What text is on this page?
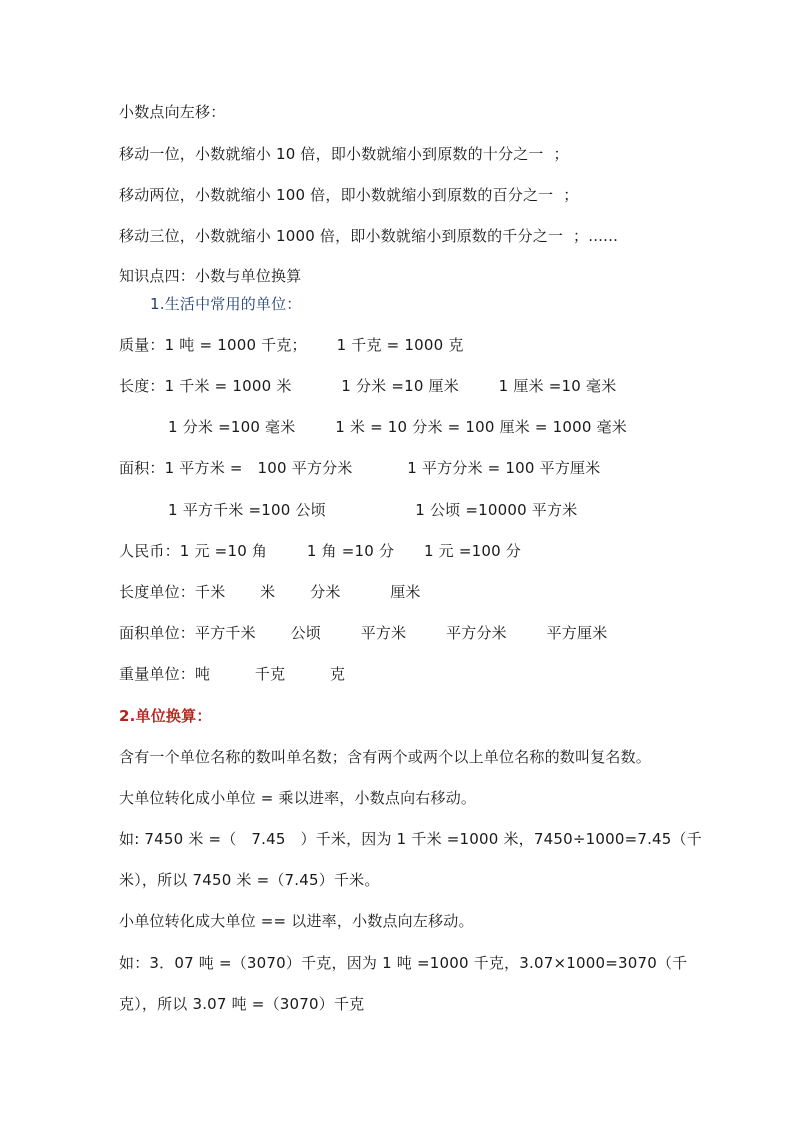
小数点向左移：
移动一位，小数就缩小 10 倍，即小数就缩小到原数的十分之一  ；
移动两位，小数就缩小 100 倍，即小数就缩小到原数的百分之一  ；
移动三位，小数就缩小 1000 倍，即小数就缩小到原数的千分之一  ；......
知识点四：小数与单位换算
1.生活中常用的单位：
质量：1 吨 = 1000 千克；      1 千克 = 1000 克
长度：1 千米 = 1000 米          1 分米 =10 厘米        1 厘米 =10 毫米
1 分米 =100 毫米        1 米 = 10 分米 = 100 厘米 = 1000 毫米
面积：1 平方米 =   100 平方分米           1 平方分米 = 100 平方厘米
1 平方千米 =100 公顷                  1 公顷 =10000 平方米
人民币：1 元 =10 角        1 角 =10 分      1 元 =100 分
长度单位：千米       米       分米          厘米
面积单位：平方千米       公顷        平方米        平方分米        平方厘米
重量单位：吨         千克         克
2.单位换算：
含有一个单位名称的数叫单名数；含有两个或两个以上单位名称的数叫复名数。
大单位转化成小单位 = 乘以进率，小数点向右移动。
如: 7450 米 =（   7.45   ）千米，因为 1 千米 =1000 米，7450÷1000=7.45（千
米），所以 7450 米 =（7.45）千米。
小单位转化成大单位 == 以进率，小数点向左移动。
如：3．07 吨 =（3070）千克，因为 1 吨 =1000 千克，3.07×1000=3070（千
克），所以 3.07 吨 =（3070）千克
